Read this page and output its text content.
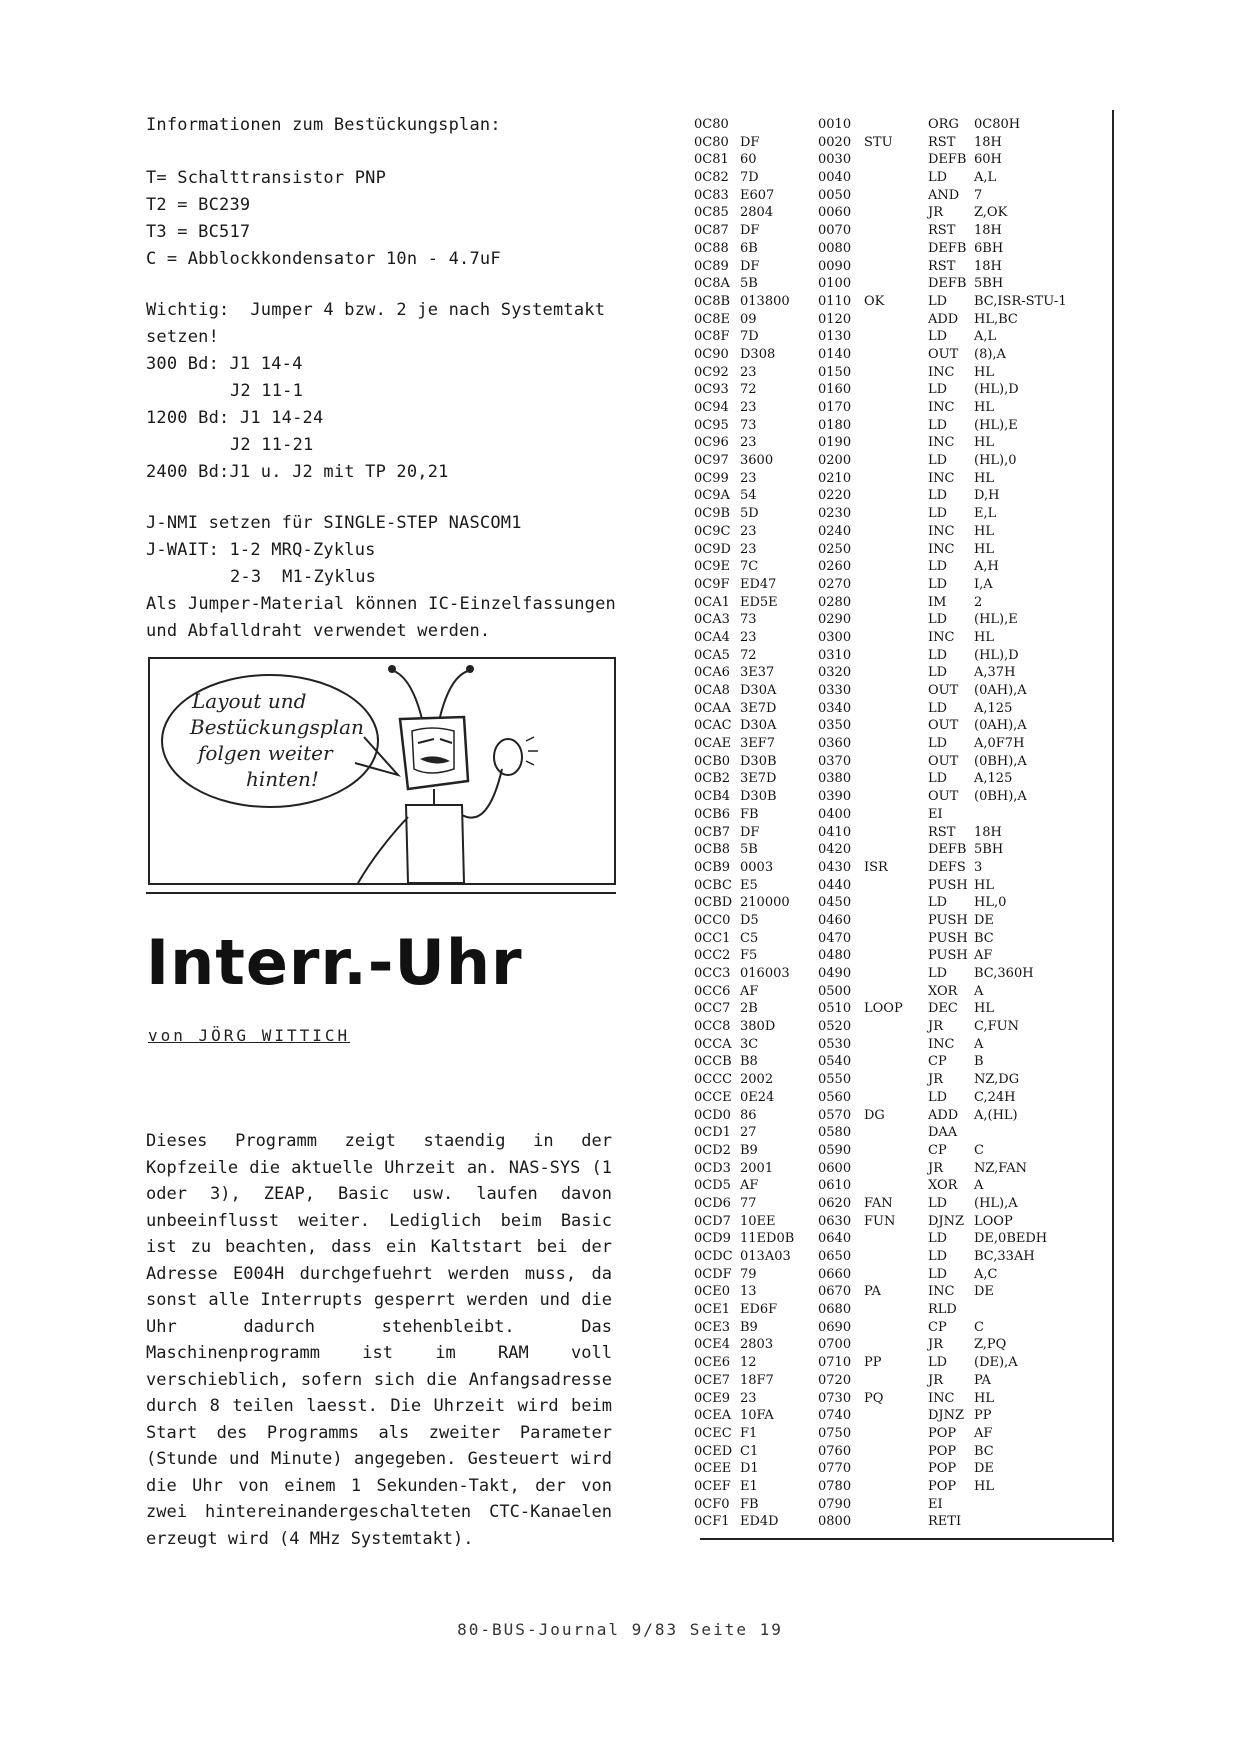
Informationen zum Bestückungsplan:
T= Schalttransistor PNP
T2 = BC239
T3 = BC517
C = Abblockkondensator 10n - 4.7uF
Wichtig:  Jumper 4 bzw. 2 je nach Systemtakt
setzen!
300 Bd: J1 14-4
J2 11-1
1200 Bd: J1 14-24
J2 11-21
2400 Bd:J1 u. J2 mit TP 20,21
J-NMI setzen für SINGLE-STEP NASCOM1
J-WAIT: 1-2 MRQ-Zyklus
2-3  M1-Zyklus
Als Jumper-Material können IC-Einzelfassungen und Abfalldraht verwendet werden.
Layout und
Bestückungsplan
folgen weiter
hinten!
Interr.-Uhr
von JÖRG WITTICH

Dieses Programm zeigt staendig in der Kopfzeile die aktuelle Uhrzeit an. NAS-SYS (1 oder 3), ZEAP, Basic usw. laufen davon unbeeinflusst weiter. Lediglich beim Basic ist zu beachten, dass ein Kaltstart bei der Adresse E004H durchgefuehrt werden muss, da sonst alle Interrupts gesperrt werden und die Uhr dadurch stehenbleibt. Das Maschinenprogramm ist im RAM voll verschieblich, sofern sich die Anfangsadresse durch 8 teilen laesst. Die Uhrzeit wird beim Start des Programms als zweiter Parameter (Stunde und Minute) angegeben. Gesteuert wird die Uhr von einem 1 Sekunden-Takt, der von zwei hintereinandergeschalteten CTC-Kanaelen erzeugt wird (4 MHz Systemtakt).

0C80	0010	ORG	0C80H
0C80 DF	0020 STU	RST	18H
0C81 60	0030	DEFB 60H
0C82 7D	0040	LD	A,L
0C83 E607	0050	AND	7
0C85 2804	0060	JR	Z,OK
0C87 DF	0070	RST	18H
0C88 6B	0080	DEFB 6BH
0C89 DF	0090	RST	18H
0C8A 5B	0100	DEFB 5BH
0C8B 013800	0110 OK	LD	BC,ISR-STU-1
0C8E 09	0120	ADD	HL,BC
0C8F 7D	0130	LD	A,L
0C90 D308	0140	OUT	(8),A
0C92 23	0150	INC	HL
0C93 72	0160	LD	(HL),D
0C94 23	0170	INC	HL
0C95 73	0180	LD	(HL),E
0C96 23	0190	INC	HL
0C97 3600	0200	LD	(HL),0
0C99 23	0210	INC	HL
0C9A 54	0220	LD	D,H
0C9B 5D	0230	LD	E,L
0C9C 23	0240	INC	HL
0C9D 23	0250	INC	HL
0C9E 7C	0260	LD	A,H
0C9F ED47	0270	LD	I,A
0CA1 ED5E	0280	IM	2
0CA3 73	0290	LD	(HL),E
0CA4 23	0300	INC	HL
0CA5 72	0310	LD	(HL),D
0CA6 3E37	0320	LD	A,37H
0CA8 D30A	0330	OUT	(0AH),A
0CAA 3E7D	0340	LD	A,125
0CAC D30A	0350	OUT	(0AH),A
0CAE 3EF7	0360	LD	A,0F7H
0CB0 D30B	0370	OUT	(0BH),A
0CB2 3E7D	0380	LD	A,125
0CB4 D30B	0390	OUT	(0BH),A
0CB6 FB	0400	EI
0CB7 DF	0410	RST	18H
0CB8 5B	0420	DEFB 5BH
0CB9 0003	0430 ISR	DEFS 3
0CBC E5	0440	PUSH HL
0CBD 210000	0450	LD	HL,0
0CC0 D5	0460	PUSH DE
0CC1 C5	0470	PUSH BC
0CC2 F5	0480	PUSH AF
0CC3 016003	0490	LD	BC,360H
0CC6 AF	0500	XOR	A
0CC7 2B	0510 LOOP	DEC	HL
0CC8 380D	0520	JR	C,FUN
0CCA 3C	0530	INC	A
0CCB B8	0540	CP	B
0CCC 2002	0550	JR	NZ,DG
0CCE 0E24	0560	LD	C,24H
0CD0 86	0570 DG	ADD	A,(HL)
0CD1 27	0580	DAA
0CD2 B9	0590	CP	C
0CD3 2001	0600	JR	NZ,FAN
0CD5 AF	0610	XOR	A
0CD6 77	0620 FAN	LD	(HL),A
0CD7 10EE	0630 FUN	DJNZ LOOP
0CD9 11ED0B	0640	LD	DE,0BEDH
0CDC 013A03	0650	LD	BC,33AH
0CDF 79	0660	LD	A,C
0CE0 13	0670 PA	INC	DE
0CE1 ED6F	0680	RLD
0CE3 B9	0690	CP	C
0CE4 2803	0700	JR	Z,PQ
0CE6 12	0710 PP	LD	(DE),A
0CE7 18F7	0720	JR	PA
0CE9 23	0730 PQ	INC	HL
0CEA 10FA	0740	DJNZ PP
0CEC F1	0750	POP	AF
0CED C1	0760	POP	BC
0CEE D1	0770	POP	DE
0CEF E1	0780	POP	HL
0CF0 FB	0790	EI
0CF1 ED4D	0800	RETI
80-BUS-Journal 9/83 Seite 19
